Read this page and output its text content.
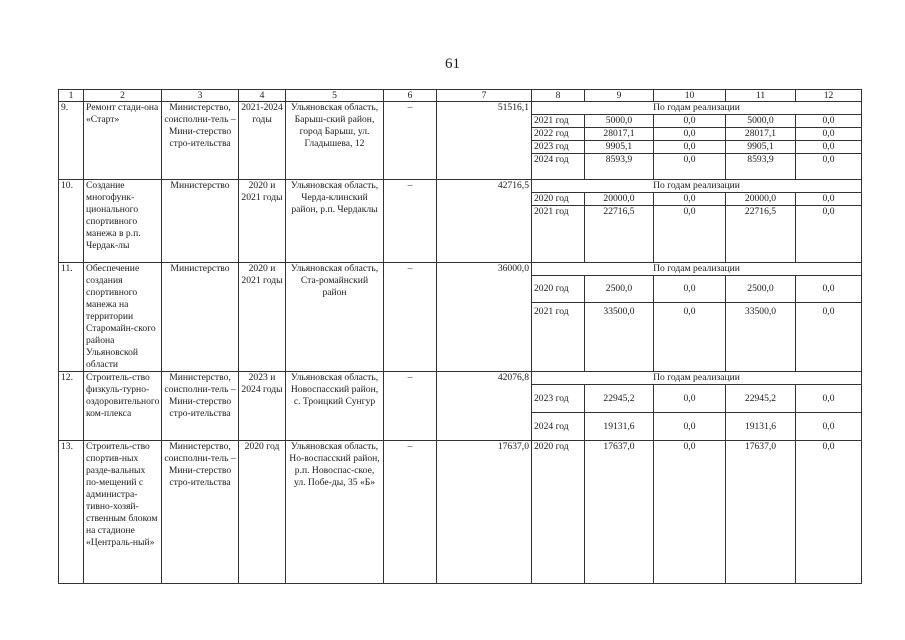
61
1	2	3	4	5	6	7	8	9	10	11	12
9.	Ремонт стади-она «Старт»	Министерство, соисполни-тель – Мини-стерство стро-ительства	2021-2024 годы	Ульяновская область, Барыш-ский район, город Барыш, ул. Гладышева, 12	–	51516,1	По годам реализации				
							2021 год	5000,0	0,0	5000,0	0,0
							2022 год	28017,1	0,0	28017,1	0,0
							2023 год	9905,1	0,0	9905,1	0,0
							2024 год	8593,9	0,0	8593,9	0,0
10.	Создание многофунк-ционального спортивного манежа в р.п. Чердак-лы	Министерство	2020 и 2021 годы	Ульяновская область, Черда-клинский район, р.п. Чердаклы	–	42716,5	По годам реализации				
							2020 год	20000,0	0,0	20000,0	0,0
							2021 год	22716,5	0,0	22716,5	0,0
11.	Обеспечение создания спортивного манежа на территории Старомайн-ского района Ульяновской области	Министерство	2020 и 2021 годы	Ульяновская область, Ста-ромайнский район	–	36000,0	По годам реализации				
							2020 год	2500,0	0,0	2500,0	0,0
							2021 год	33500,0	0,0	33500,0	0,0
12.	Строитель-ство физкуль-турно-оздоровительного ком-плекса	Министерство, соисполни-тель – Мини-стерство стро-ительства	2023 и 2024 годы	Ульяновская область, Новоспасский район, с. Троицкий Сунгур	–	42076,8	По годам реализации				
							2023 год	22945,2	0,0	22945,2	0,0
							2024 год	19131,6	0,0	19131,6	0,0
13.	Строитель-ство спортив-ных разде-вальных по-мещений с администра-тивно-хозяй-ственным блоком на стадионе «Централь-ный»	Министерство, соисполни-тель – Мини-стерство стро-ительства	2020 год	Ульяновская область, Но-воспасский район, р.п. Новоспас-ское, ул. Побе-ды, 35 «Б»	–	17637,0	2020 год	17637,0	0,0	17637,0	0,0
